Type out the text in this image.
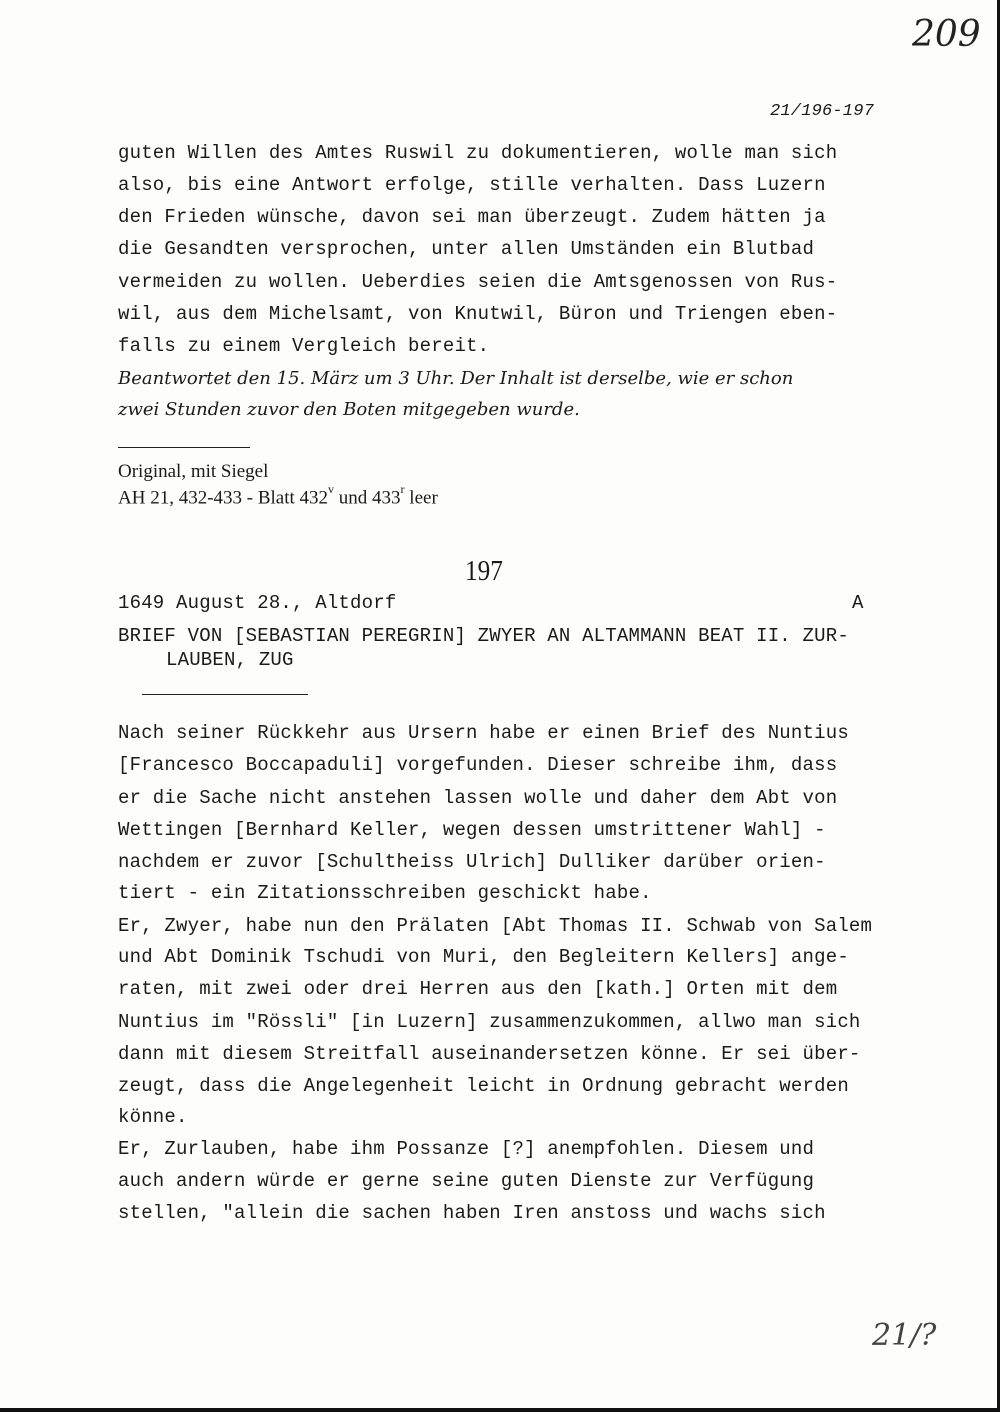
209
21/196-197
guten Willen des Amtes Ruswil zu dokumentieren, wolle man sich
also, bis eine Antwort erfolge, stille verhalten. Dass Luzern
den Frieden wünsche, davon sei man überzeugt. Zudem hätten ja
die Gesandten versprochen, unter allen Umständen ein Blutbad
vermeiden zu wollen. Ueberdies seien die Amtsgenossen von Rus-
wil, aus dem Michelsamt, von Knutwil, Büron und Triengen eben-
falls zu einem Vergleich bereit.
Beantwortet den 15. März um 3 Uhr. Der Inhalt ist derselbe, wie er schon
zwei Stunden zuvor den Boten mitgegeben wurde.
Original, mit Siegel
AH 21, 432-433 - Blatt 432$^v$ und 433$^r$ leer
197
1649 August 28., Altdorf	A
BRIEF VON [SEBASTIAN PEREGRIN] ZWYER AN ALTAMMANN BEAT II. ZUR-
LAUBEN, ZUG
Nach seiner Rückkehr aus Ursern habe er einen Brief des Nuntius
[Francesco Boccapaduli] vorgefunden. Dieser schreibe ihm, dass
er die Sache nicht anstehen lassen wolle und daher dem Abt von
Wettingen [Bernhard Keller, wegen dessen umstrittener Wahl] -
nachdem er zuvor [Schultheiss Ulrich] Dulliker darüber orien-
tiert - ein Zitationsschreiben geschickt habe.
Er, Zwyer, habe nun den Prälaten [Abt Thomas II. Schwab von Salem
und Abt Dominik Tschudi von Muri, den Begleitern Kellers] ange-
raten, mit zwei oder drei Herren aus den [kath.] Orten mit dem
Nuntius im "Rössli" [in Luzern] zusammenzukommen, allwo man sich
dann mit diesem Streitfall auseinandersetzen könne. Er sei über-
zeugt, dass die Angelegenheit leicht in Ordnung gebracht werden
könne.
Er, Zurlauben, habe ihm Possanze [?] anempfohlen. Diesem und
auch andern würde er gerne seine guten Dienste zur Verfügung
stellen, "allein die sachen haben Iren anstoss und wachs sich
21/?
